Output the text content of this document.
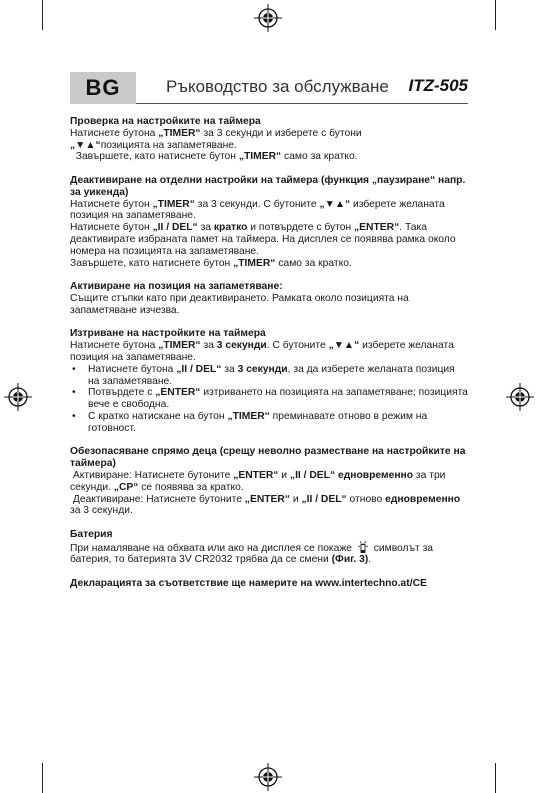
BG	Ръководство за обслужване ITZ-505

Проверка на настройките на таймера

Натиснете бутона „TIMER“ за 3 секунди и изберете с бутони

„▼▲“позицията на запаметяване.

Завършете, като натиснете бутон „TIMER“ само за кратко.

Деактивиране на отделни настройки на таймера (функция „паузиране“ напр. за уикенда)

Натиснете бутон „TIMER“ за 3 секунди. С бутоните „▼▲“ изберете желаната позиция на запаметяване.

Натиснете бутон „II / DEL“ за кратко и потвърдете с бутон „ENTER“. Така деактивирате избраната памет на таймера. На дисплея се появява рамка около номера на позицията на запаметяване.

Завършете, като натиснете бутон „TIMER“ само за кратко.

Активиране на позиция на запаметяване:

Същите стъпки като при деактивирането. Рамката около позицията на запаметяване изчезва.

Изтриване на настройките на таймера

Натиснете бутона „TIMER“ за 3 секунди. С бутоните „▼▲“ изберете желаната позиция на запаметяване.

• Натиснете бутона „II / DEL“ за 3 секунди, за да изберете желаната позиция на запаметяване.
• Потвърдете с „ENTER“ изтриването на позицията на запаметяване; позицията вече е свободна.
• С кратко натискане на бутон „TIMER“ преминавате отново в режим на готовност.

Обезопасяване спрямо деца (срещу неволно разместване на настройките на таймера)

Активиране: Натиснете бутоните „ENTER“ и „II / DEL“ едновременно за три секунди. „CP“ се появява за кратко.

Деактивиране: Натиснете бутоните „ENTER“ и „II / DEL“ отново едновременно за 3 секунди.

Батерия

При намаляване на обхвата или ако на дисплея се покаже  символът за батерия, то батерията 3V CR2032 трябва да се смени (Фиг. 3).

Декларацията за съответствие ще намерите на www.intertechno.at/CE
